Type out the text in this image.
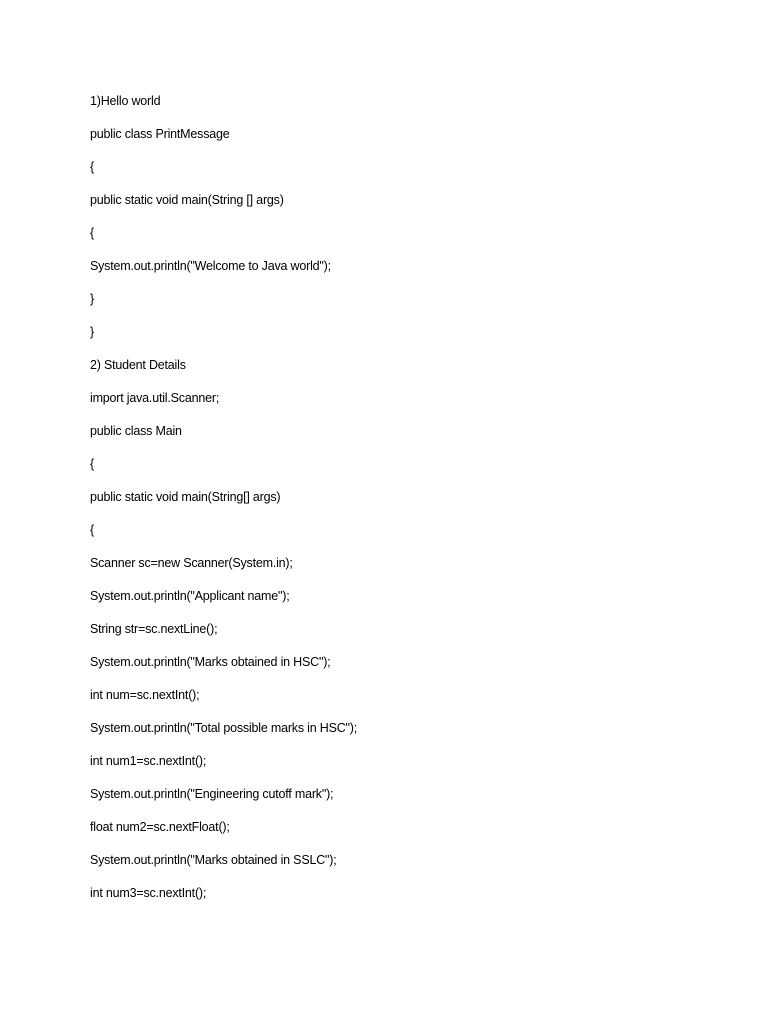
1)Hello world
public class PrintMessage
{
public static void main(String [] args)
{
System.out.println("Welcome to Java world");
}
}
2) Student Details
import java.util.Scanner;
public class Main
{
public static void main(String[] args)
{
Scanner sc=new Scanner(System.in);
System.out.println("Applicant name");
String str=sc.nextLine();
System.out.println("Marks obtained in HSC");
int num=sc.nextInt();
System.out.println("Total possible marks in HSC");
int num1=sc.nextInt();
System.out.println("Engineering cutoff mark");
float num2=sc.nextFloat();
System.out.println("Marks obtained in SSLC");
int num3=sc.nextInt();
